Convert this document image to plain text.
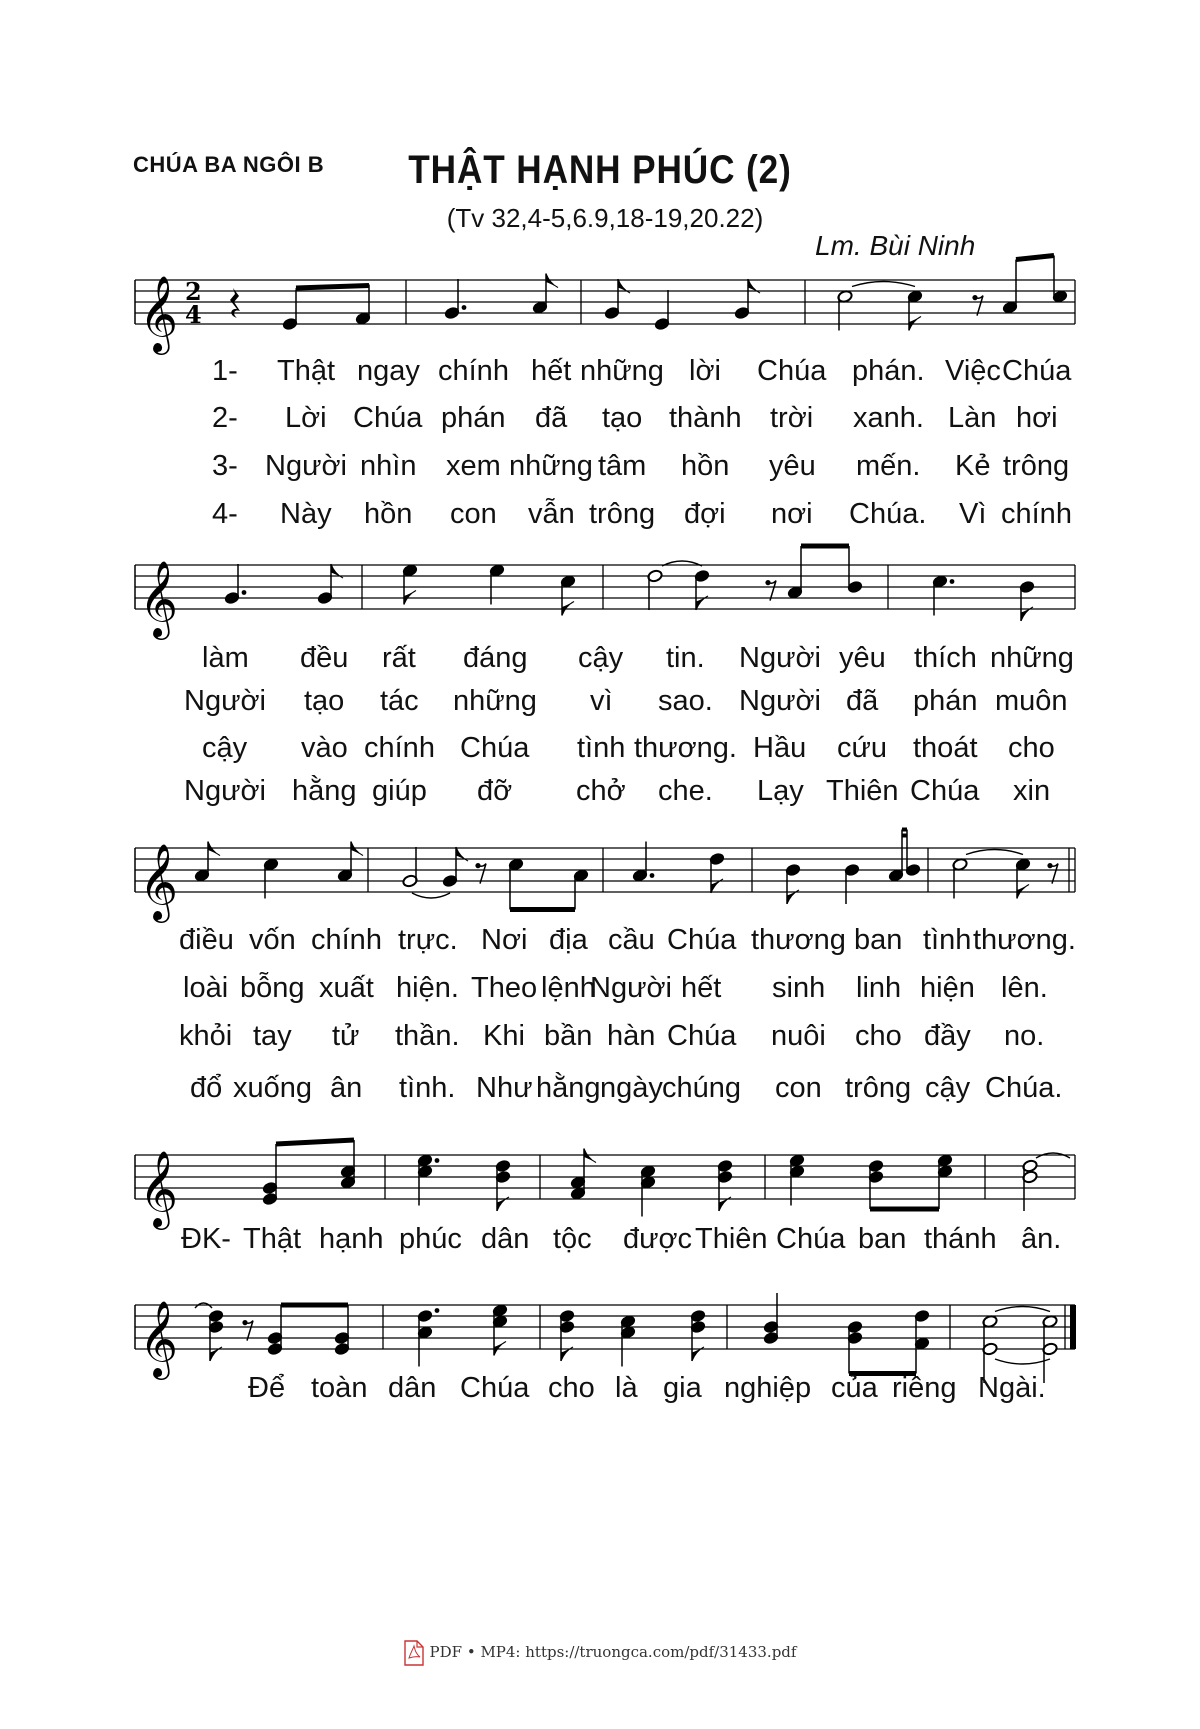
CHÚA BA NGÔI B	THẬT HẠNH PHÚC (2)
(Tv 32,4-5,6.9,18-19,20.22)
Lm. Bùi Ninh
𝄞 2
4
𝄞
𝄞
𝄞
𝄞
1- Thật ngay chính hết những lời Chúa phán. Việc Chúa
2- Lời Chúa phán đã tạo thành trời xanh. Làn hơi
3- Người nhìn xem những tâm hồn yêu mến. Kẻ trông
4- Này hồn con vẫn trông đợi nơi Chúa. Vì chính
làm đều rất đáng cậy tin. Người yêu thích những
Người tạo tác những vì sao. Người đã phán muôn
cậy vào chính Chúa tình thương. Hầu cứu thoát cho
Người hằng giúp đỡ chở che. Lạy Thiên Chúa xin
điều vốn chính trực. Nơi địa cầu Chúa thương ban tình thương.
loài bỗng xuất hiện. Theo lệnh
Người hết sinh linh hiện lên.
khỏi tay tử thần. Khi bần hàn Chúa nuôi cho đầy no.
đổ xuống ân tình. Như hằng ngày chúng con trông cậy Chúa.
ĐK- Thật hạnh phúc dân tộc được Thiên Chúa ban thánh ân.
Để toàn dân Chúa cho là gia nghiệp của riêng Ngài.
PDF • MP4: https://truongca.com/pdf/31433.pdf
